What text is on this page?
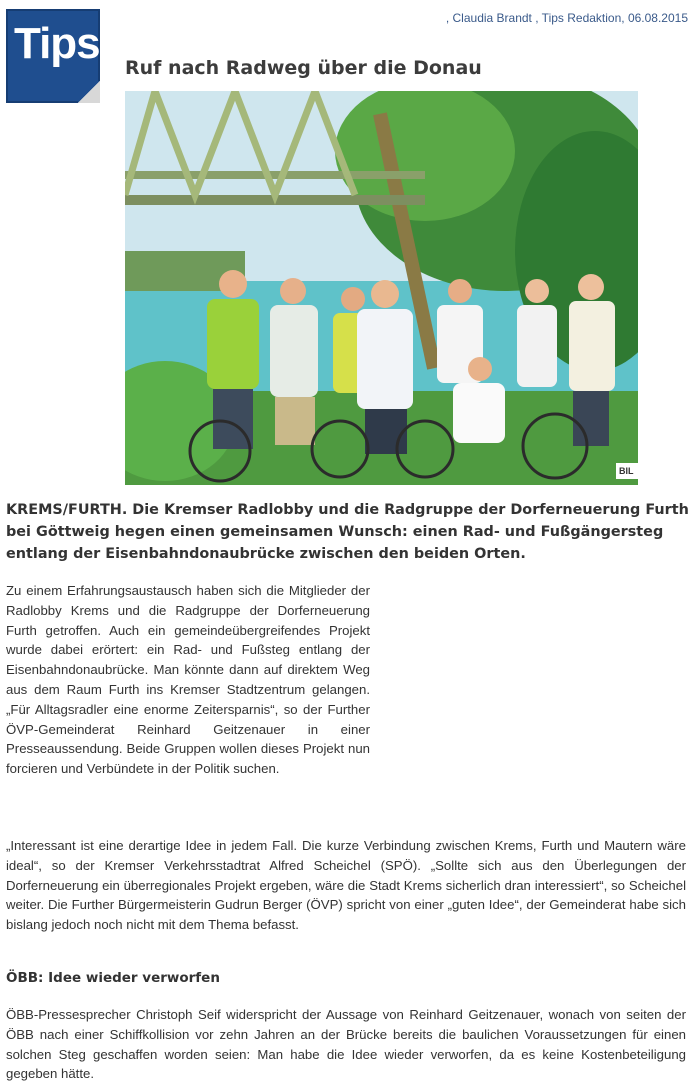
Tips
, Claudia Brandt , Tips Redaktion, 06.08.2015
Ruf nach Radweg über die Donau
BIL

KREMS/FURTH. Die Kremser Radlobby und die Radgruppe der Dorferneuerung Furth bei Göttweig hegen einen gemeinsamen Wunsch: einen Rad- und Fußgängersteg entlang der Eisenbahndonaubrücke zwischen den beiden Orten.

Zu einem Erfahrungsaustausch haben sich die Mitglieder der Radlobby Krems und die Radgruppe der Dorferneuerung Furth getroffen. Auch ein gemeindeübergreifendes Projekt wurde dabei erörtert: ein Rad- und Fußsteg entlang der Eisenbahndonaubrücke. Man könnte dann auf direktem Weg aus dem Raum Furth ins Kremser Stadtzentrum gelangen. „Für Alltagsradler eine enorme Zeitersparnis“, so der Further ÖVP-Gemeinderat Reinhard Geitzenauer in einer Presseaussendung. Beide Gruppen wollen dieses Projekt nun forcieren und Verbündete in der Politik suchen.

„Interessant ist eine derartige Idee in jedem Fall. Die kurze Verbindung zwischen Krems, Furth und Mautern wäre ideal“, so der Kremser Verkehrsstadtrat Alfred Scheichel (SPÖ). „Sollte sich aus den Überlegungen der Dorferneuerung ein überregionales Projekt ergeben, wäre die Stadt Krems sicherlich dran interessiert“, so Scheichel weiter. Die Further Bürgermeisterin Gudrun Berger (ÖVP) spricht von einer „guten Idee“, der Gemeinderat habe sich bislang jedoch noch nicht mit dem Thema befasst.

ÖBB: Idee wieder verworfen

ÖBB-Pressesprecher Christoph Seif widerspricht der Aussage von Reinhard Geitzenauer, wonach von seiten der ÖBB nach einer Schiffkollision vor zehn Jahren an der Brücke bereits die baulichen Voraussetzungen für einen solchen Steg geschaffen worden seien: Man habe die Idee wieder verworfen, da es keine Kostenbeteiligung gegeben hätte.
